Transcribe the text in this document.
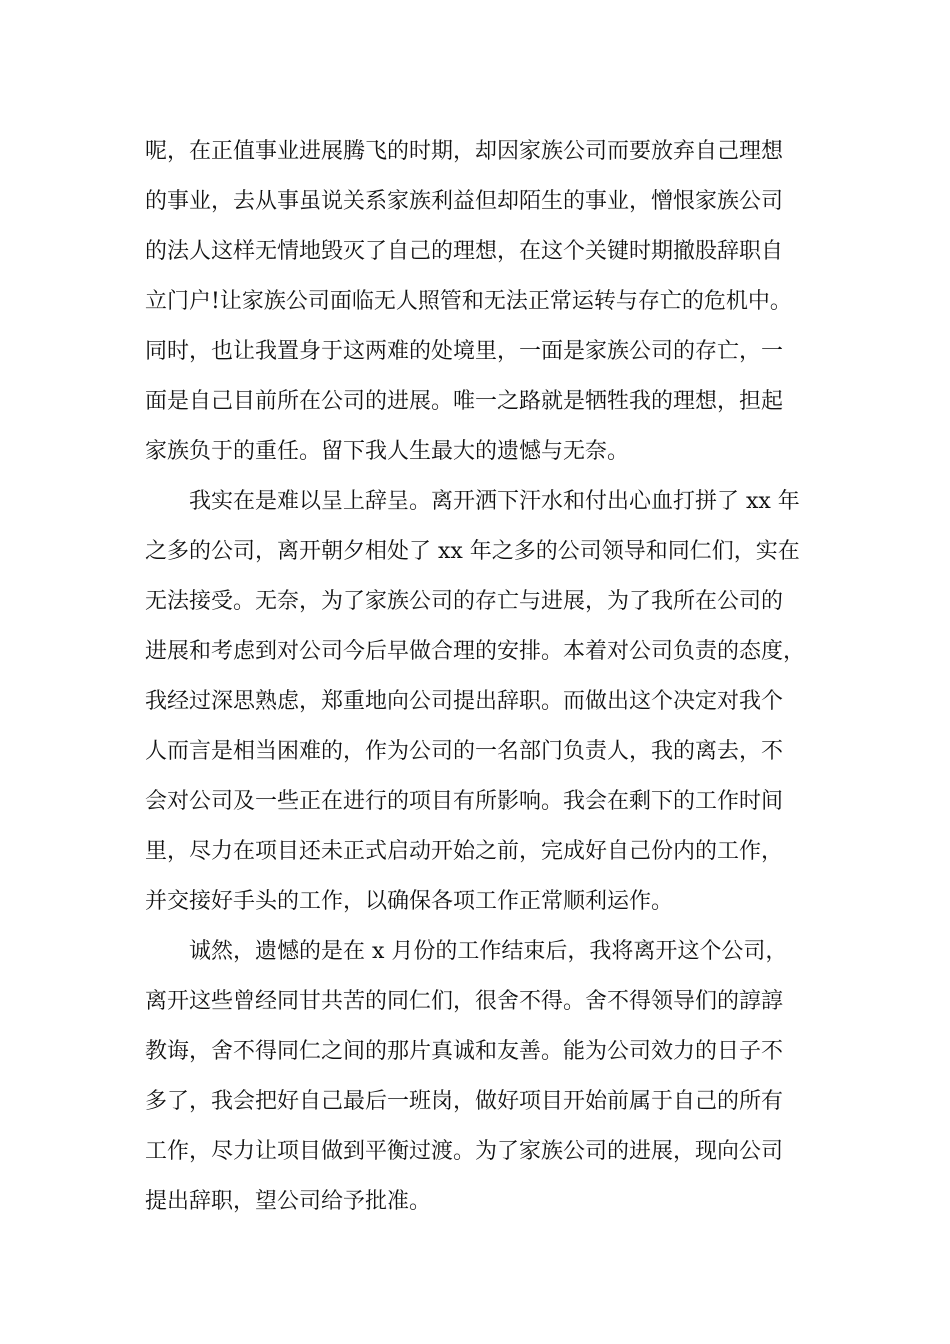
呢，在正值事业进展腾飞的时期，却因家族公司而要放弃自己理想

的事业，去从事虽说关系家族利益但却陌生的事业，憎恨家族公司

的法人这样无情地毁灭了自己的理想，在这个关键时期撤股辞职自

立门户!让家族公司面临无人照管和无法正常运转与存亡的危机中。

同时，也让我置身于这两难的处境里，一面是家族公司的存亡，一

面是自己目前所在公司的进展。唯一之路就是牺牲我的理想，担起

家族负于的重任。留下我人生最大的遗憾与无奈。

我实在是难以呈上辞呈。离开洒下汗水和付出心血打拼了 xx 年

之多的公司，离开朝夕相处了 xx 年之多的公司领导和同仁们，实在

无法接受。无奈，为了家族公司的存亡与进展，为了我所在公司的

进展和考虑到对公司今后早做合理的安排。本着对公司负责的态度，

我经过深思熟虑，郑重地向公司提出辞职。而做出这个决定对我个

人而言是相当困难的，作为公司的一名部门负责人，我的离去，不

会对公司及一些正在进行的项目有所影响。我会在剩下的工作时间

里，尽力在项目还未正式启动开始之前，完成好自己份内的工作，

并交接好手头的工作，以确保各项工作正常顺利运作。

诚然，遗憾的是在 x 月份的工作结束后，我将离开这个公司，

离开这些曾经同甘共苦的同仁们，很舍不得。舍不得领导们的諄諄

教诲，舍不得同仁之间的那片真诚和友善。能为公司效力的日子不

多了，我会把好自己最后一班岗，做好项目开始前属于自己的所有

工作，尽力让项目做到平衡过渡。为了家族公司的进展，现向公司

提出辞职，望公司给予批准。
